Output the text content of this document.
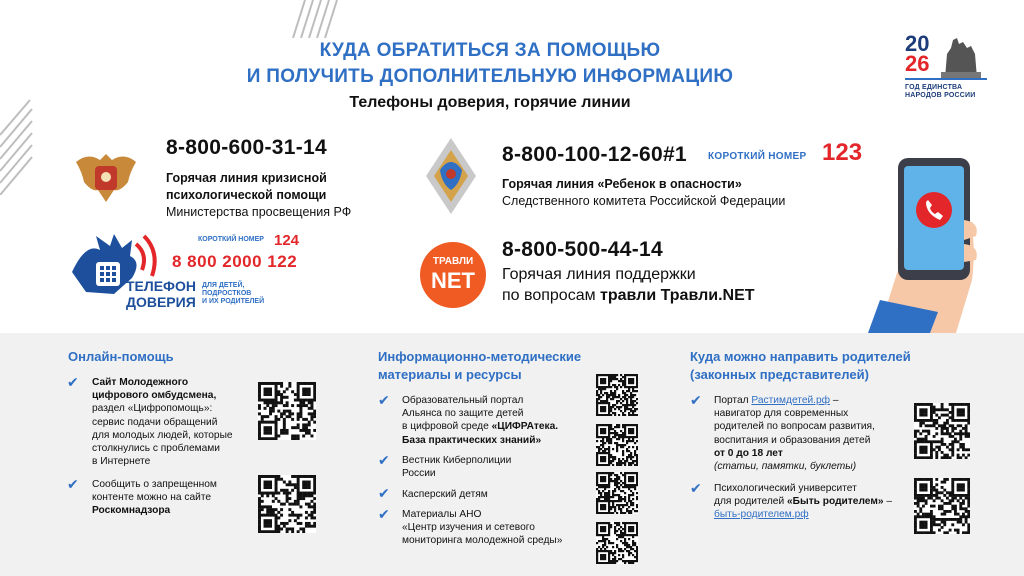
КУДА ОБРАТИТЬСЯ ЗА ПОМОЩЬЮ
И ПОЛУЧИТЬ ДОПОЛНИТЕЛЬНУЮ ИНФОРМАЦИЮ
Телефоны доверия, горячие линии
20
26
ГОД ЕДИНСТВА
НАРОДОВ РОССИИ
8-800-600-31-14
Горячая линия кризисной
психологической помощи
Министерства просвещения РФ
КОРОТКИЙ НОМЕР 124
8 800 2000 122
ТЕЛЕФОН
ДОВЕРИЯ
ДЛЯ ДЕТЕЙ,
ПОДРОСТКОВ
И ИХ РОДИТЕЛЕЙ
8-800-100-12-60#1 КОРОТКИЙ НОМЕР 123
Горячая линия «Ребенок в опасности»
Следственного комитета Российской Федерации
ТРАВЛИ
NET
8-800-500-44-14
Горячая линия поддержки
по вопросам травли Травли.NET
Онлайн-помощь
✔ Сайт Молодежного
цифрового омбудсмена,
раздел «Цифропомощь»:
сервис подачи обращений
для молодых людей, которые
столкнулись с проблемами
в Интернете
✔ Сообщить о запрещенном
контенте можно на сайте
Роскомнадзора
Информационно-методические
материалы и ресурсы
✔ Образовательный портал
Альянса по защите детей
в цифровой среде «ЦИФРАтека.
База практических знаний»
✔ Вестник Киберполиции
России
✔ Касперский детям
✔ Материалы АНО
«Центр изучения и сетевого
мониторинга молодежной среды»
Куда можно направить родителей
(законных представителей)
✔ Портал Растимдетей.рф –
навигатор для современных
родителей по вопросам развития,
воспитания и образования детей
от 0 до 18 лет
(статьи, памятки, буклеты)
✔ Психологический университет
для родителей «Быть родителем» –
быть-родителем.рф
